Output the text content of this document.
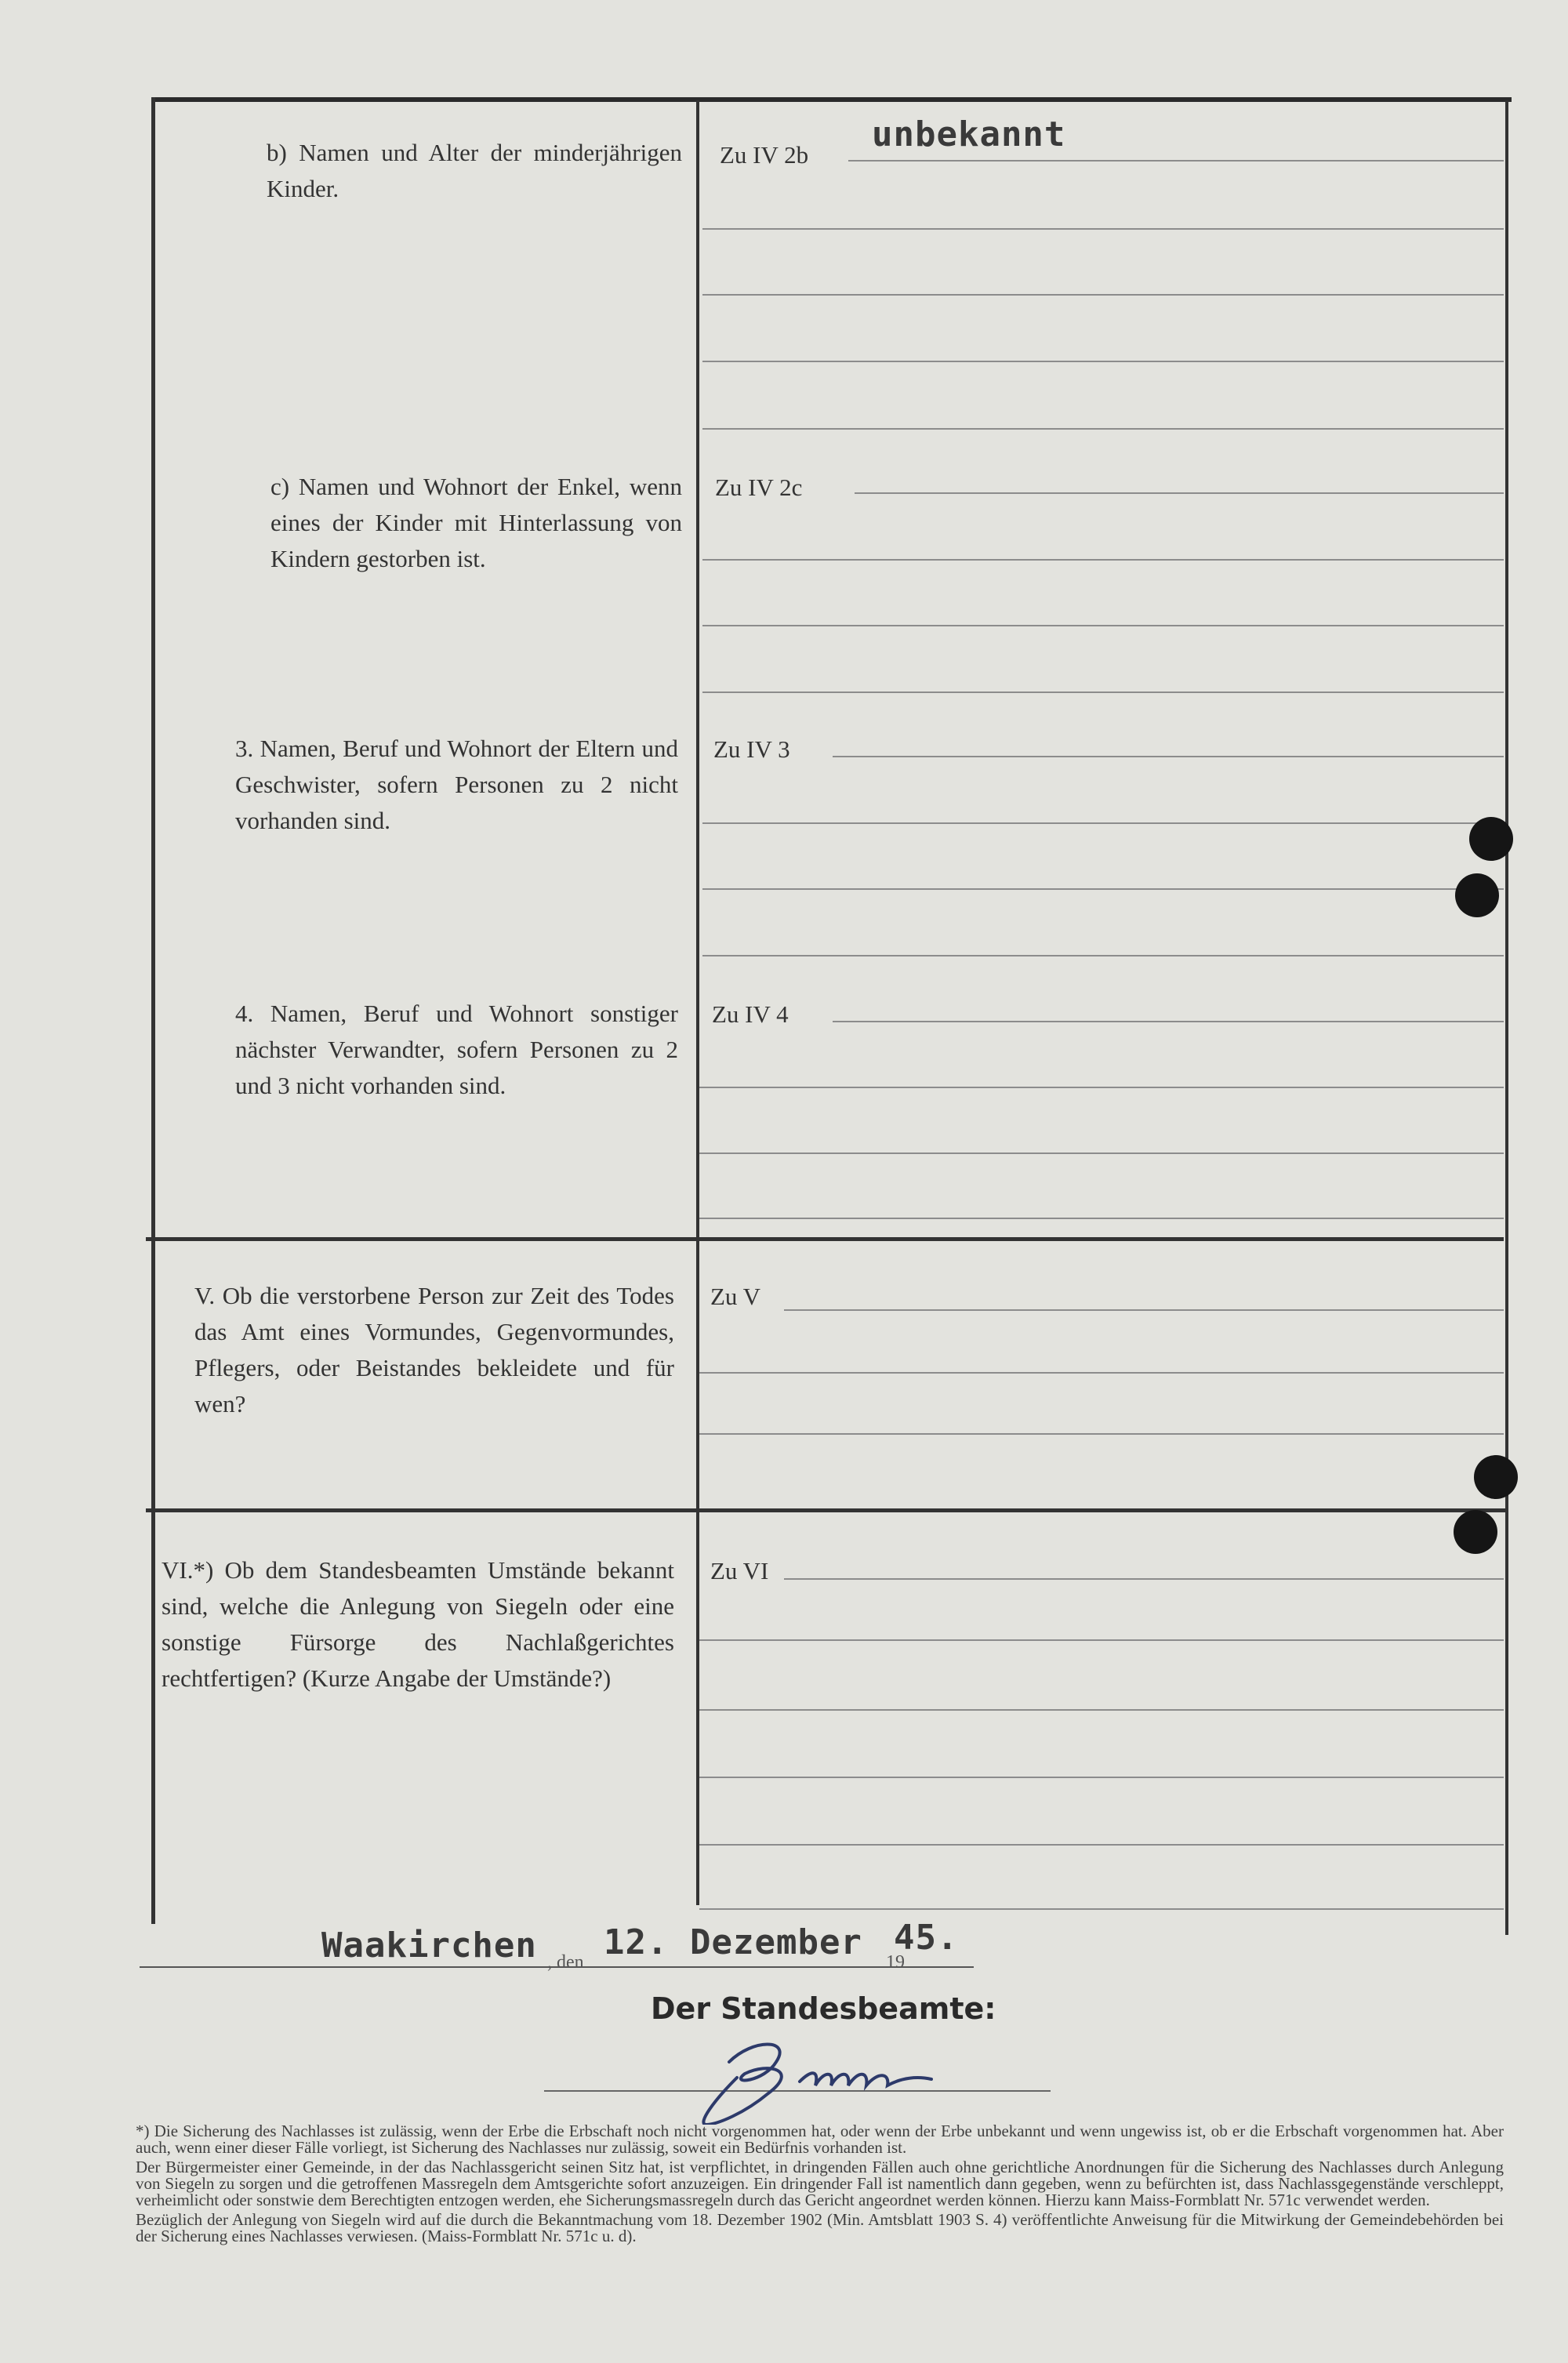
b) Namen und Alter der minderjährigen Kinder.
Zu IV 2b
unbekannt
c) Namen und Wohnort der Enkel, wenn eines der Kinder mit Hinterlassung von Kindern gestorben ist.
Zu IV 2c
3. Namen, Beruf und Wohnort der Eltern und Geschwister, sofern Personen zu 2 nicht vorhanden sind.
Zu IV 3
4. Namen, Beruf und Wohnort sonstiger nächster Verwandter, sofern Personen zu 2 und 3 nicht vorhanden sind.
Zu IV 4
V. Ob die verstorbene Person zur Zeit des Todes das Amt eines Vormundes, Gegenvormundes, Pflegers, oder Beistandes bekleidete und für wen?
Zu V
VI.*) Ob dem Standesbeamten Umstände bekannt sind, welche die Anlegung von Siegeln oder eine sonstige Fürsorge des Nachlaßgerichtes rechtfertigen? (Kurze Angabe der Umstände?)
Zu VI
Waakirchen , den 12. Dezember 19
45.
Der Standesbeamte:

*) Die Sicherung des Nachlasses ist zulässig, wenn der Erbe die Erbschaft noch nicht vorgenommen hat, oder wenn der Erbe unbekannt und wenn ungewiss ist, ob er die Erbschaft vorgenommen hat. Aber auch, wenn einer dieser Fälle vorliegt, ist Sicherung des Nachlasses nur zulässig, soweit ein Bedürfnis vorhanden ist.

Der Bürgermeister einer Gemeinde, in der das Nachlassgericht seinen Sitz hat, ist verpflichtet, in dringenden Fällen auch ohne gerichtliche Anordnungen für die Sicherung des Nachlasses durch Anlegung von Siegeln zu sorgen und die getroffenen Massregeln dem Amtsgerichte sofort anzuzeigen. Ein dringender Fall ist namentlich dann gegeben, wenn zu befürchten ist, dass Nachlassgegenstände verschleppt, verheimlicht oder sonstwie dem Berechtigten entzogen werden, ehe Sicherungsmassregeln durch das Gericht angeordnet werden können. Hierzu kann Maiss-Formblatt Nr. 571c verwendet werden.

Bezüglich der Anlegung von Siegeln wird auf die durch die Bekanntmachung vom 18. Dezember 1902 (Min. Amtsblatt 1903 S. 4) veröffentlichte Anweisung für die Mitwirkung der Gemeindebehörden bei der Sicherung eines Nachlasses verwiesen. (Maiss-Formblatt Nr. 571c u. d).
